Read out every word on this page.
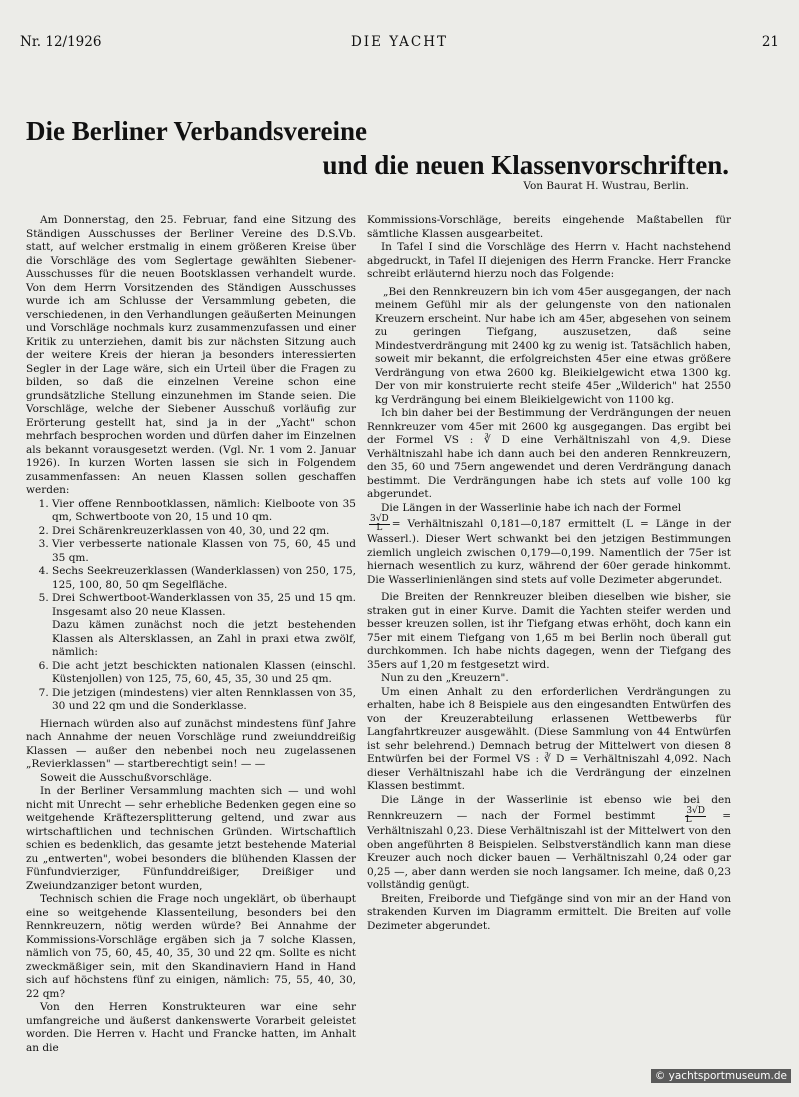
Nr. 12/1926	DIE YACHT	21
Die Berliner Verbandsvereine
und die neuen Klassenvorschriften.
Von Baurat H. Wustrau, Berlin.

Am Donnerstag, den 25. Februar, fand eine Sitzung des Ständigen Ausschusses der Berliner Vereine des D.S.Vb. statt, auf welcher erstmalig in einem größeren Kreise über die Vorschläge des vom Seglertage gewählten Siebener-Ausschusses für die neuen Bootsklassen verhandelt wurde. Von dem Herrn Vorsitzenden des Ständigen Ausschusses wurde ich am Schlusse der Versammlung gebeten, die verschiedenen, in den Verhandlungen geäußerten Meinungen und Vorschläge nochmals kurz zusammenzufassen und einer Kritik zu unterziehen, damit bis zur nächsten Sitzung auch der weitere Kreis der hieran ja besonders interessierten Segler in der Lage wäre, sich ein Urteil über die Fragen zu bilden, so daß die einzelnen Vereine schon eine grundsätzliche Stellung einzunehmen im Stande seien. Die Vorschläge, welche der Siebener Ausschuß vorläufig zur Erörterung gestellt hat, sind ja in der „Yacht" schon mehrfach besprochen worden und dürfen daher im Einzelnen als bekannt vorausgesetzt werden. (Vgl. Nr. 1 vom 2. Januar 1926). In kurzen Worten lassen sie sich in Folgendem zusammenfassen: An neuen Klassen sollen geschaffen werden:

1. Vier offene Rennbootklassen, nämlich: Kielboote von 35 qm, Schwertboote von 20, 15 und 10 qm.
2. Drei Schärenkreuzerklassen von 40, 30, und 22 qm.
3. Vier verbesserte nationale Klassen von 75, 60, 45 und 35 qm.
4. Sechs Seekreuzerklassen (Wanderklassen) von 250, 175, 125, 100, 80, 50 qm Segelfläche.
5. Drei Schwertboot-Wanderklassen von 35, 25 und 15 qm. Insgesamt also 20 neue Klassen.

Dazu kämen zunächst noch die jetzt bestehenden Klassen als Altersklassen, an Zahl in praxi etwa zwölf, nämlich:

6. Die acht jetzt beschickten nationalen Klassen (einschl. Küstenjollen) von 125, 75, 60, 45, 35, 30 und 25 qm.
7. Die jetzigen (mindestens) vier alten Rennklassen von 35, 30 und 22 qm und die Sonderklasse.

Hiernach würden also auf zunächst mindestens fünf Jahre nach Annahme der neuen Vorschläge rund zweiunddreißig Klassen — außer den nebenbei noch neu zugelassenen „Revierklassen" — startberechtigt sein! — —

Soweit die Ausschußvorschläge.

In der Berliner Versammlung machten sich — und wohl nicht mit Unrecht — sehr erhebliche Bedenken gegen eine so weitgehende Kräftezersplitterung geltend, und zwar aus wirtschaftlichen und technischen Gründen. Wirtschaftlich schien es bedenklich, das gesamte jetzt bestehende Material zu „entwerten", wobei besonders die blühenden Klassen der Fünfundvierziger, Fünfunddreißiger, Dreißiger und Zweiundzanziger betont wurden,

Technisch schien die Frage noch ungeklärt, ob überhaupt eine so weitgehende Klassenteilung, besonders bei den Rennkreuzern, nötig werden würde? Bei Annahme der Kommissions-Vorschläge ergäben sich ja 7 solche Klassen, nämlich von 75, 60, 45, 40, 35, 30 und 22 qm. Sollte es nicht zweckmäßiger sein, mit den Skandinaviern Hand in Hand sich auf höchstens fünf zu einigen, nämlich: 75, 55, 40, 30, 22 qm?

Von den Herren Konstrukteuren war eine sehr umfangreiche und äußerst dankenswerte Vorarbeit geleistet worden. Die Herren v. Hacht und Francke hatten, im Anhalt an die

Kommissions-Vorschläge, bereits eingehende Maßtabellen für sämtliche Klassen ausgearbeitet.

In Tafel I sind die Vorschläge des Herrn v. Hacht nachstehend abgedruckt, in Tafel II diejenigen des Herrn Francke. Herr Francke schreibt erläuternd hierzu noch das Folgende:

„Bei den Rennkreuzern bin ich vom 45er ausgegangen, der nach meinem Gefühl mir als der gelungenste von den nationalen Kreuzern erscheint. Nur habe ich am 45er, abgesehen von seinem zu geringen Tiefgang, auszusetzen, daß seine Mindestverdrängung mit 2400 kg zu wenig ist. Tatsächlich haben, soweit mir bekannt, die erfolgreichsten 45er eine etwas größere Verdrängung von etwa 2600 kg. Bleikielgewicht etwa 1300 kg. Der von mir konstruierte recht steife 45er „Wilderich" hat 2550 kg Verdrängung bei einem Bleikielgewicht von 1100 kg.

Ich bin daher bei der Bestimmung der Verdrängungen der neuen Rennkreuzer vom 45er mit 2600 kg ausgegangen. Das ergibt bei der Formel VS : ∛ D eine Verhältniszahl von 4,9. Diese Verhältniszahl habe ich dann auch bei den anderen Rennkreuzern, den 35, 60 und 75ern angewendet und deren Verdrängung danach bestimmt. Die Verdrängungen habe ich stets auf volle 100 kg abgerundet.

Die Längen in der Wasserlinie habe ich nach der Formel

$\frac{3√D}{L}$ = Verhältniszahl 0,181—0,187 ermittelt (L = Länge in der Wasserl.). Dieser Wert schwankt bei den jetzigen Bestimmungen ziemlich ungleich zwischen 0,179—0,199. Namentlich der 75er ist hiernach wesentlich zu kurz, während der 60er gerade hinkommt. Die Wasserlinienlängen sind stets auf volle Dezimeter abgerundet.

Die Breiten der Rennkreuzer bleiben dieselben wie bisher, sie straken gut in einer Kurve. Damit die Yachten steifer werden und besser kreuzen sollen, ist ihr Tiefgang etwas erhöht, doch kann ein 75er mit einem Tiefgang von 1,65 m bei Berlin noch überall gut durchkommen. Ich habe nichts dagegen, wenn der Tiefgang des 35ers auf 1,20 m festgesetzt wird.

Nun zu den „Kreuzern".

Um einen Anhalt zu den erforderlichen Verdrängungen zu erhalten, habe ich 8 Beispiele aus den eingesandten Entwürfen des von der Kreuzerabteilung erlassenen Wettbewerbs für Langfahrtkreuzer ausgewählt. (Diese Sammlung von 44 Entwürfen ist sehr belehrend.) Demnach betrug der Mittelwert von diesen 8 Entwürfen bei der Formel VS : ∛ D = Verhältniszahl 4,092. Nach dieser Verhältniszahl habe ich die Verdrängung der einzelnen Klassen bestimmt.

Die Länge in der Wasserlinie ist ebenso wie bei den Rennkreuzern — nach der Formel bestimmt $\frac{3√D}{L}$ = Verhältniszahl 0,23. Diese Verhältniszahl ist der Mittelwert von den oben angeführten 8 Beispielen. Selbstverständlich kann man diese Kreuzer auch noch dicker bauen — Verhältniszahl 0,24 oder gar 0,25 —, aber dann werden sie noch langsamer. Ich meine, daß 0,23 vollständig genügt.

Breiten, Freiborde und Tiefgänge sind von mir an der Hand von strakenden Kurven im Diagramm ermittelt. Die Breiten auf volle Dezimeter abgerundet.

© yachtsportmuseum.de
